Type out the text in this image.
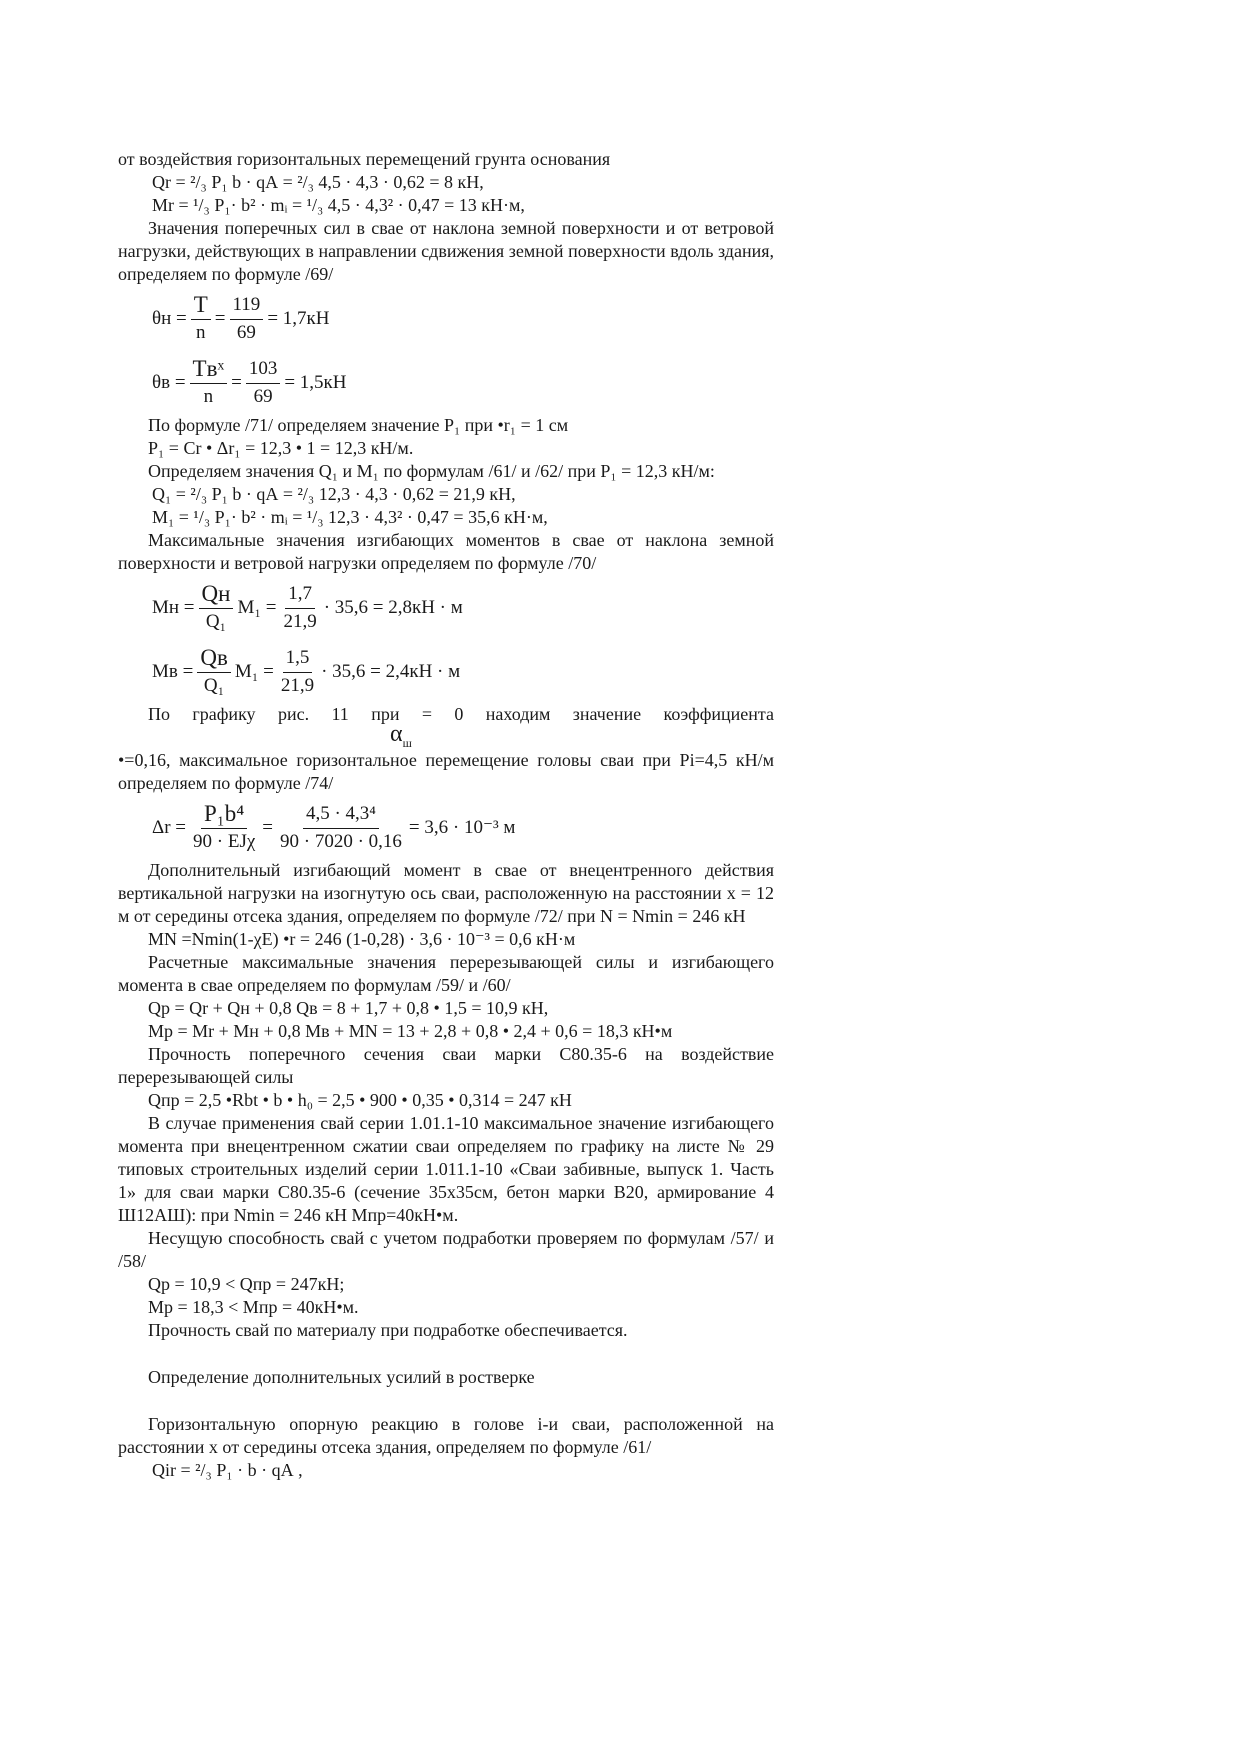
от воздействия горизонтальных перемещений грунта основания

Qr = ²/₃ P₁ b · qА = ²/₃ 4,5 · 4,3 · 0,62 = 8 кН,

Mr = ¹/₃ P₁· b² · mᵢ = ¹/₃ 4,5 · 4,3² · 0,47 = 13 кН·м,

Значения поперечных сил в свае от наклона земной поверхности и от ветровой нагрузки, действующих в направлении сдвижения земной поверхности вдоль здания, определяем по формуле /69/

$\theta н = \frac{T}{n} = \frac{119}{69} = 1,7кН$
$\theta в = \frac{\text{Tвˣ}}{n} = \frac{103}{69} = 1,5кН$

По формуле /71/ определяем значение P₁ при •r₁ = 1 см

P₁ = Cr • Δr₁ = 12,3 • 1 = 12,3 кН/м.

Определяем значения Q₁ и M₁ по формулам /61/ и /62/ при P₁ = 12,3 кН/м:

Q₁ = ²/₃ P₁ b · qА = ²/₃ 12,3 · 4,3 · 0,62 = 21,9 кН,

M₁ = ¹/₃ P₁· b² · mᵢ = ¹/₃ 12,3 · 4,3² · 0,47 = 35,6 кН·м,

Максимальные значения изгибающих моментов в свае от наклона земной поверхности и ветровой нагрузки определяем по формуле /70/

Mн = $\frac{Qн}{\text{Q₁}} M_1 = \frac{1,7}{21,9} \cdot 35,6 = 2,8кН \cdot м$
Mв = $\frac{Qв}{\text{Q₁}} M_1 = \frac{1,5}{21,9} \cdot 35,6 = 2,4кН \cdot м$

По графику рис. 11 при = 0 находим значение коэффициента

$\alpha_ш$

•=0,16, максимальное горизонтальное перемещение головы сваи при Pi=4,5 кН/м определяем по формуле /74/

$\Delta r = \frac{\text{P₁b⁴}}{\text{90 · EJχ}} = \frac{\text{4,5 · 4,3⁴}}{90 \cdot 7020 \cdot 0,16} = 3,6 \cdot 10^{-3}$ м

Дополнительный изгибающий момент в свае от внецентренного действия вертикальной нагрузки на изогнутую ось сваи, расположенную на расстоянии х = 12 м от середины отсека здания, определяем по формуле /72/ при N = Nmin = 246 кН

MN =Nmin(1-χE) •r = 246 (1-0,28) · 3,6 · 10⁻³ = 0,6 кН·м

Расчетные максимальные значения перерезывающей силы и изгибающего момента в свае определяем по формулам /59/ и /60/

Qр = Qr + Qн + 0,8 Qв = 8 + 1,7 + 0,8 • 1,5 = 10,9 кН,

Мр = Mr + Mн + 0,8 Mв + MN = 13 + 2,8 + 0,8 • 2,4 + 0,6 = 18,3 кН•м

Прочность поперечного сечения сваи марки С80.35-6 на воздействие перерезывающей силы

Qпр = 2,5 •Rbt • b • h₀ = 2,5 • 900 • 0,35 • 0,314 = 247 кН

В случае применения свай серии 1.01.1-10 максимальное значение изгибающего момента при внецентренном сжатии сваи определяем по графику на листе № 29 типовых строительных изделий серии 1.011.1-10 «Сваи забивные, выпуск 1. Часть 1» для сваи марки С80.35-6 (сечение 35х35см, бетон марки В20, армирование 4 Ш12АШ): при Nmin = 246 кН Мпр=40кН•м.

Несущую способность свай с учетом подработки проверяем по формулам /57/ и /58/

Qр = 10,9 < Qпр = 247кН;

Mр = 18,3 < Мпр = 40кН•м.

Прочность свай по материалу при подработке обеспечивается.

Определение дополнительных усилий в ростверке

Горизонтальную опорную реакцию в голове i-и сваи, расположенной на расстоянии х от середины отсека здания, определяем по формуле /61/

Qir = ²/₃ P₁ · b · qА ,
